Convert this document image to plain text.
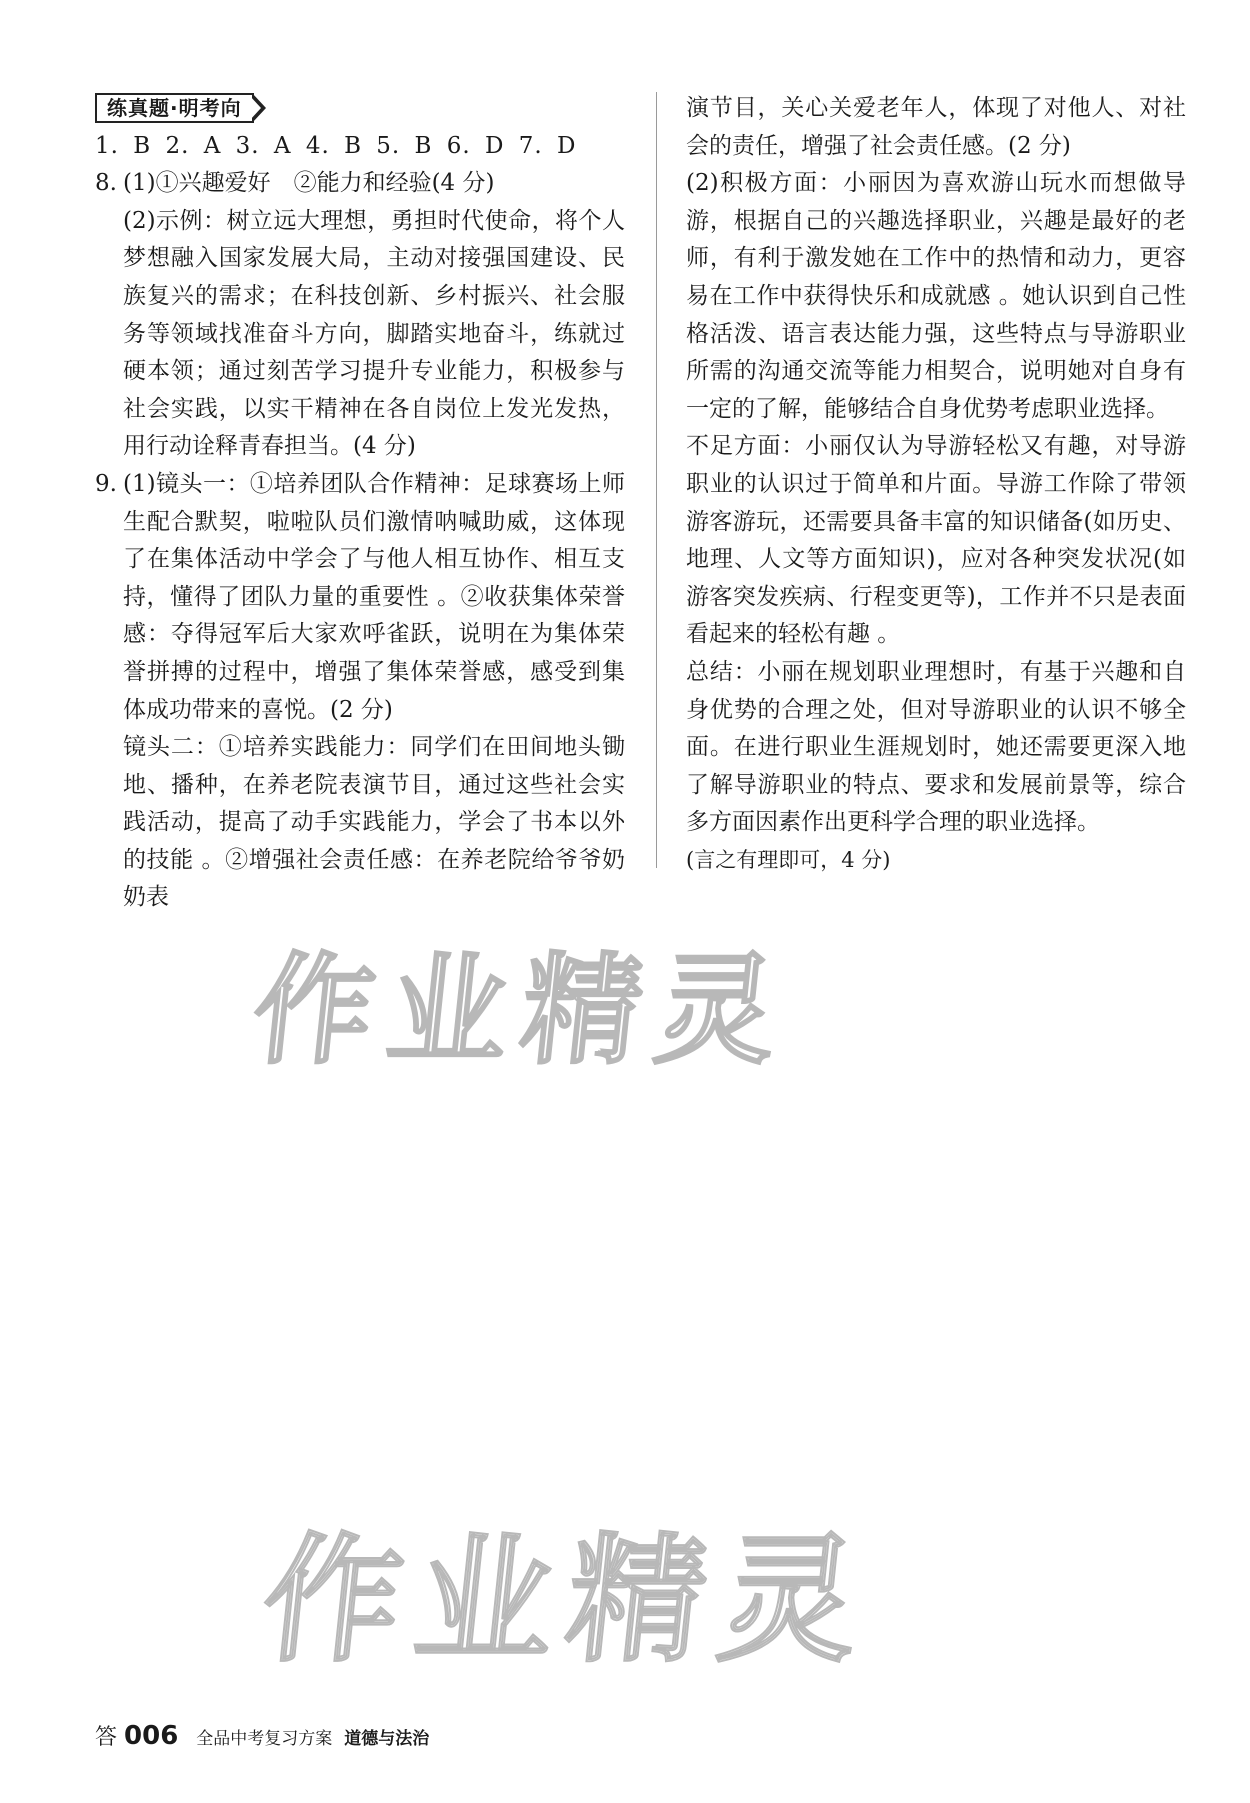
练真题·明考向

1. B 2. A 3. A 4. B 5. B 6. D 7. D

8. (1)①兴趣爱好　②能力和经验(4 分)

(2)示例：树立远大理想，勇担时代使命，将个人梦想融入国家发展大局，主动对接强国建设、民族复兴的需求；在科技创新、乡村振兴、社会服务等领域找准奋斗方向，脚踏实地奋斗，练就过硬本领；通过刻苦学习提升专业能力，积极参与社会实践，以实干精神在各自岗位上发光发热，用行动诠释青春担当。(4 分)

9. (1)镜头一：①培养团队合作精神：足球赛场上师生配合默契，啦啦队员们激情呐喊助威，这体现了在集体活动中学会了与他人相互协作、相互支持，懂得了团队力量的重要性 。②收获集体荣誉感：夺得冠军后大家欢呼雀跃，说明在为集体荣誉拼搏的过程中，增强了集体荣誉感，感受到集体成功带来的喜悦。(2 分)

镜头二：①培养实践能力：同学们在田间地头锄地、播种，在养老院表演节目，通过这些社会实践活动，提高了动手实践能力，学会了书本以外的技能 。②增强社会责任感：在养老院给爷爷奶奶表

演节目，关心关爱老年人，体现了对他人、对社会的责任，增强了社会责任感。(2 分)

(2)积极方面：小丽因为喜欢游山玩水而想做导游，根据自己的兴趣选择职业，兴趣是最好的老师，有利于激发她在工作中的热情和动力，更容易在工作中获得快乐和成就感 。她认识到自己性格活泼、语言表达能力强，这些特点与导游职业所需的沟通交流等能力相契合，说明她对自身有一定的了解，能够结合自身优势考虑职业选择。

不足方面：小丽仅认为导游轻松又有趣，对导游职业的认识过于简单和片面。导游工作除了带领游客游玩，还需要具备丰富的知识储备(如历史、地理、人文等方面知识)，应对各种突发状况(如游客突发疾病、行程变更等)，工作并不只是表面看起来的轻松有趣 。

总结：小丽在规划职业理想时，有基于兴趣和自身优势的合理之处，但对导游职业的认识不够全面。在进行职业生涯规划时，她还需要更深入地了解导游职业的特点、要求和发展前景等，综合多方面因素作出更科学合理的职业选择。

(言之有理即可，4 分)

作业精灵
作业精灵
答 006 全品中考复习方案 道德与法治
